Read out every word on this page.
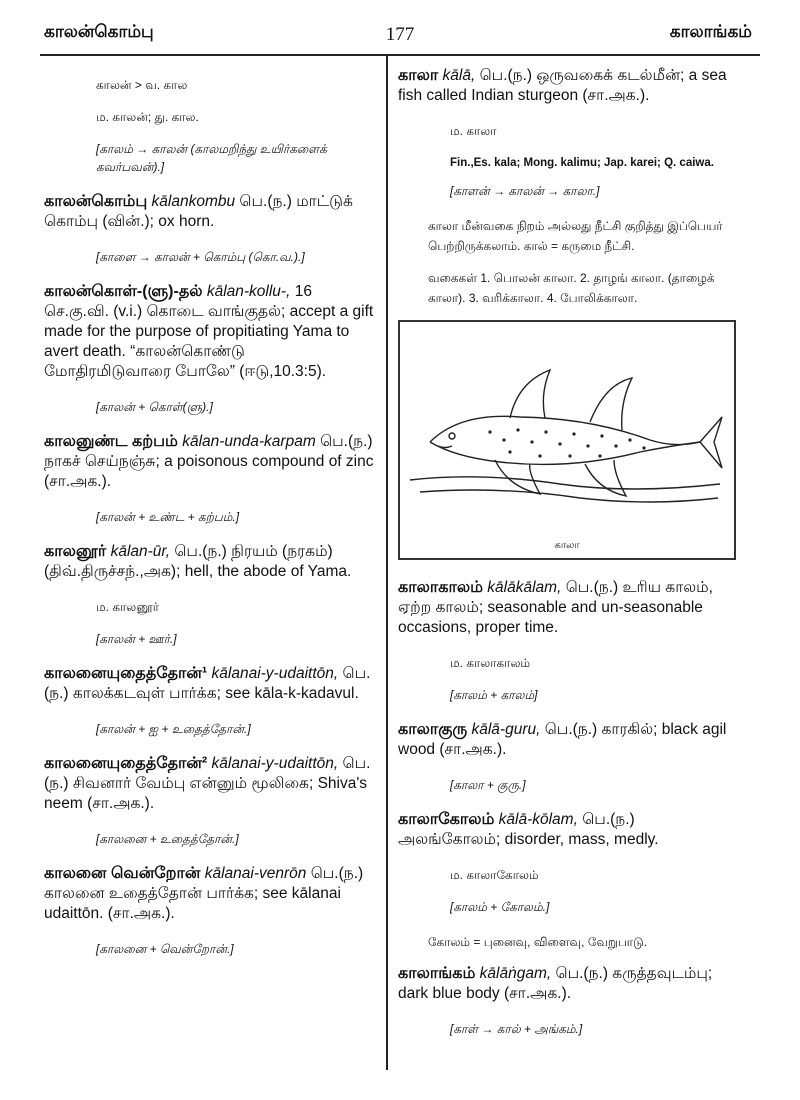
காலன்கொம்பு	177	காலாங்கம்
காலன் > வ. கால
ம. காலன்; து. கால.
[காலம் → காலன் (காலமறிந்து உயிர்களைக் கவர்பவன்).]
காலன்கொம்பு kālankombu பெ.(ந.) மாட்டுக் கொம்பு (வின்.); ox horn.
[காளை → காலன் + கொம்பு (கொ.வ.).]
காலன்கொள்-(ளு)-தல் kālan-kollu-, 16 செ.கு.வி. (v.i.) கொடை வாங்குதல்; accept a gift made for the purpose of propitiating Yama to avert death. “காலன்கொண்டு மோதிரமிடுவாரை போலே” (ஈடு,10.3:5).
[காலன் + கொள்(ளு).]
காலனுண்ட கற்பம் kālan-unda-karpam பெ.(ந.) நாகச் செய்நஞ்சு; a poisonous compound of zinc (சா.அக.).
[காலன் + உண்ட + கற்பம்.]
காலனூர் kālan-ūr, பெ.(ந.) நிரயம் (நரகம்) (திவ்.திருச்சந்.,அக); hell, the abode of Yama.
ம. காலனூர்
[காலன் + ஊர்.]
காலனையுதைத்தோன்¹ kālanai-y-udaittōn, பெ.(ந.) காலக்கடவுள் பார்க்க; see kāla-k-kadavul.
[காலன் + ஐ + உதைத்தோன்.]
காலனையுதைத்தோன்² kālanai-y-udaittōn, பெ.(ந.) சிவனார் வேம்பு என்னும் மூலிகை; Shiva's neem (சா.அக.).
[காலனை + உதைத்தோன்.]
காலனை வென்றோன் kālanai-venrōn பெ.(ந.) காலனை உதைத்தோன் பார்க்க; see kālanai udaittōn. (சா.அக.).
[காலனை + வென்றோன்.]
காலா kālā, பெ.(ந.) ஒருவகைக் கடல்மீன்; a sea fish called Indian sturgeon (சா.அக.).
ம. காலா
Fin.,Es. kala; Mong. kalimu; Jap. karei; Q. caiwa.
[காளன் → காலன் → காலா.]
காலா மீன்வகை நிறம் அல்லது நீட்சி குறித்து இப்பெயர் பெற்றிருக்கலாம். கால் = கருமை நீட்சி.
வகைகள் 1. பொலன் காலா. 2. தாழங் காலா. (தாழைக் காலா). 3. வரிக்காலா. 4. போலிக்காலா.
காலா
காலாகாலம் kālākālam, பெ.(ந.) உரிய காலம், ஏற்ற காலம்; seasonable and un-seasonable occasions, proper time.
ம. காலாகாலம்
[காலம் + காலம்]
காலாகுரு kālā-guru, பெ.(ந.) காரகில்; black agil wood (சா.அக.).
[காலா + குரு.]
காலாகோலம் kālā-kōlam, பெ.(ந.) அலங்கோலம்; disorder, mass, medly.
ம. காலாகோலம்
[காலம் + கோலம்.]
கோலம் = புனைவு, விளைவு, வேறுபாடு.
காலாங்கம் kālāṅgam, பெ.(ந.) கருத்தவுடம்பு; dark blue body (சா.அக.).
[காள் → கால் + அங்கம்.]
